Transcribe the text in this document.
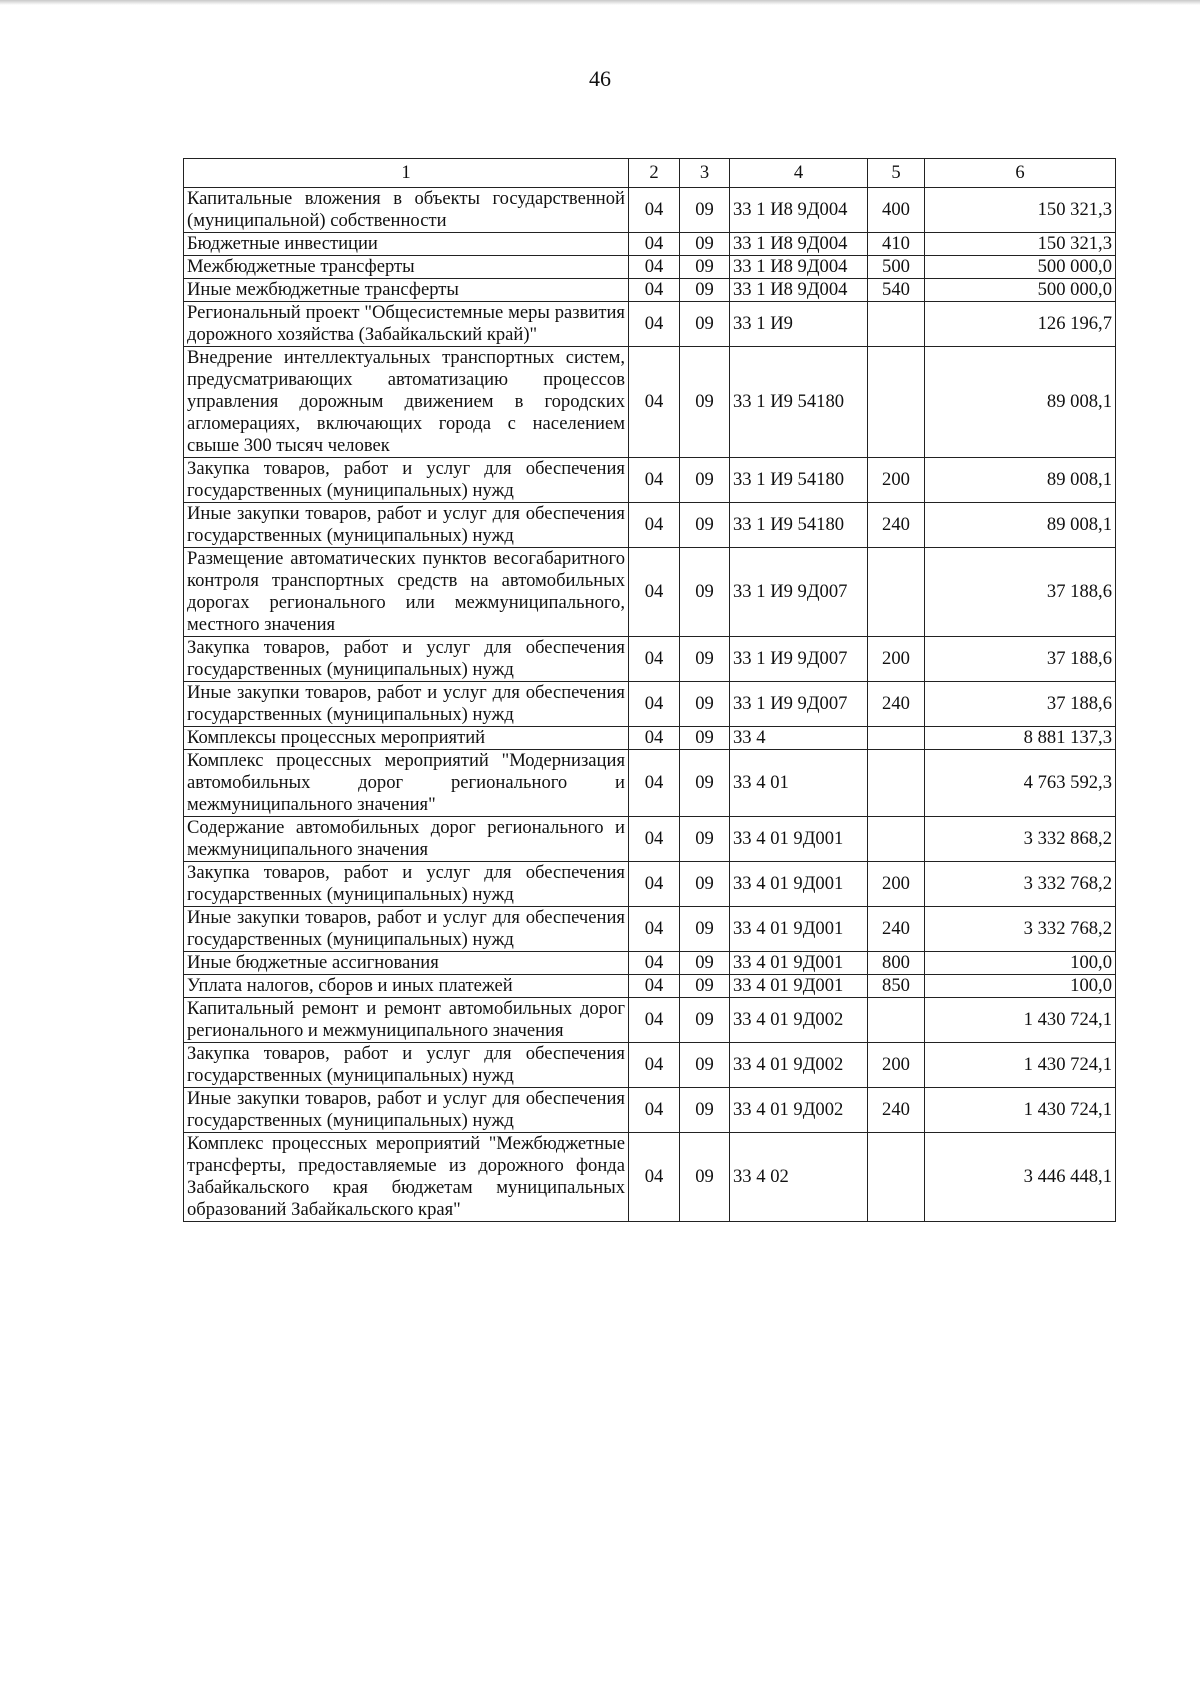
46
1	2	3	4	5	6
Капитальные вложения в объекты государственной (муниципальной) собственности	04	09	33 1 И8 9Д004	400	150 321,3
Бюджетные инвестиции	04	09	33 1 И8 9Д004	410	150 321,3
Межбюджетные трансферты	04	09	33 1 И8 9Д004	500	500 000,0
Иные межбюджетные трансферты	04	09	33 1 И8 9Д004	540	500 000,0
Региональный проект "Общесистемные меры развития дорожного хозяйства (Забайкальский край)"	04	09	33 1 И9		126 196,7
Внедрение интеллектуальных транспортных систем, предусматривающих автоматизацию процессов управления дорожным движением в городских агломерациях, включающих города с населением свыше 300 тысяч человек	04	09	33 1 И9 54180		89 008,1
Закупка товаров, работ и услуг для обеспечения государственных (муниципальных) нужд	04	09	33 1 И9 54180	200	89 008,1
Иные закупки товаров, работ и услуг для обеспечения государственных (муниципальных) нужд	04	09	33 1 И9 54180	240	89 008,1
Размещение автоматических пунктов весогабаритного контроля транспортных средств на автомобильных дорогах регионального или межмуниципального, местного значения	04	09	33 1 И9 9Д007		37 188,6
Закупка товаров, работ и услуг для обеспечения государственных (муниципальных) нужд	04	09	33 1 И9 9Д007	200	37 188,6
Иные закупки товаров, работ и услуг для обеспечения государственных (муниципальных) нужд	04	09	33 1 И9 9Д007	240	37 188,6
Комплексы процессных мероприятий	04	09	33 4		8 881 137,3
Комплекс процессных мероприятий "Модернизация автомобильных дорог регионального и межмуниципального значения"	04	09	33 4 01		4 763 592,3
Содержание автомобильных дорог регионального и межмуниципального значения	04	09	33 4 01 9Д001		3 332 868,2
Закупка товаров, работ и услуг для обеспечения государственных (муниципальных) нужд	04	09	33 4 01 9Д001	200	3 332 768,2
Иные закупки товаров, работ и услуг для обеспечения государственных (муниципальных) нужд	04	09	33 4 01 9Д001	240	3 332 768,2
Иные бюджетные ассигнования	04	09	33 4 01 9Д001	800	100,0
Уплата налогов, сборов и иных платежей	04	09	33 4 01 9Д001	850	100,0
Капитальный ремонт и ремонт автомобильных дорог регионального и межмуниципального значения	04	09	33 4 01 9Д002		1 430 724,1
Закупка товаров, работ и услуг для обеспечения государственных (муниципальных) нужд	04	09	33 4 01 9Д002	200	1 430 724,1
Иные закупки товаров, работ и услуг для обеспечения государственных (муниципальных) нужд	04	09	33 4 01 9Д002	240	1 430 724,1
Комплекс процессных мероприятий "Межбюджетные трансферты, предоставляемые из дорожного фонда Забайкальского края бюджетам муниципальных образований Забайкальского края"	04	09	33 4 02		3 446 448,1
